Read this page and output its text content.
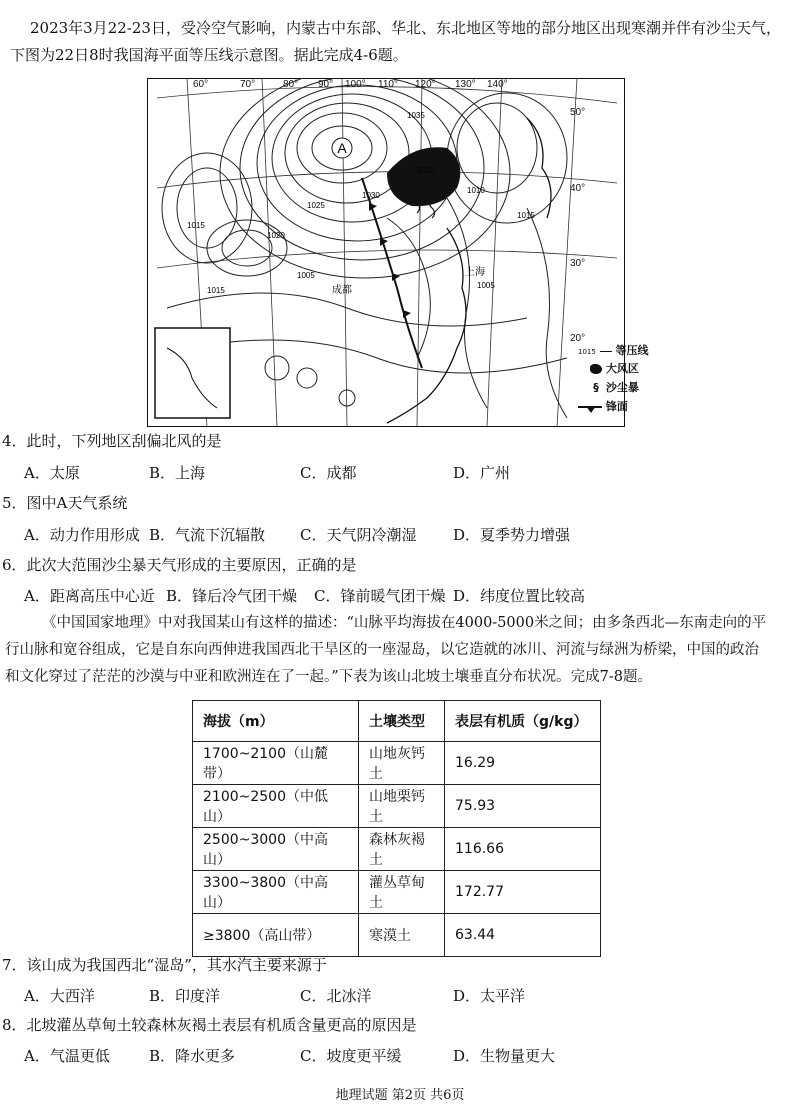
2023年3月22-23日，受冷空气影响，内蒙古中东部、华北、东北地区等地的部分地区出现寒潮并伴有沙尘天气，
下图为22日8时我国海平面等压线示意图。据此完成4-6题。
A
1035
1030
1025
1020
1015
1010
1005
1010
1015
1005
1015	成都
上海
60°	70°	80° 90° 100° 110° 120° 130° 140°
50°
40°
30°
20°
1015 等压线
大风区
§ 沙尘暴
锋面
4．此时，下列地区刮偏北风的是
A．太原	B．上海	C．成都	D．广州
5．图中A天气系统
A．动力作用形成 B．气流下沉辐散 C．天气阴冷潮湿 D．夏季势力增强
6．此次大范围沙尘暴天气形成的主要原因，正确的是
A．距离高压中心近 B．锋后冷气团干燥 C．锋前暖气团干燥 D．纬度位置比较高
《中国国家地理》中对我国某山有这样的描述：“山脉平均海拔在4000-5000米之间；由多条西北—东南走向的平
行山脉和宽谷组成，它是自东向西伸进我国西北干旱区的一座湿岛，以它造就的冰川、河流与绿洲为桥梁，中国的政治
和文化穿过了茫茫的沙漠与中亚和欧洲连在了一起。”下表为该山北坡土壤垂直分布状况。完成7-8题。
海拔（m）	土壤类型	表层有机质（g/kg）
1700~2100（山麓带）	山地灰钙土	16.29
2100~2500（中低山）	山地栗钙土	75.93
2500~3000（中高山）	森林灰褐土	116.66
3300~3800（中高山）	灌丛草甸土	172.77
≥3800（高山带）	寒漠土	63.44
7．该山成为我国西北“湿岛”，其水汽主要来源于
A．大西洋	B．印度洋	C．北冰洋	D．太平洋
8．北坡灌丛草甸土较森林灰褐土表层有机质含量更高的原因是
A．气温更低	B．降水更多	C．坡度更平缓	D．生物量更大
地理试题 第2页 共6页
